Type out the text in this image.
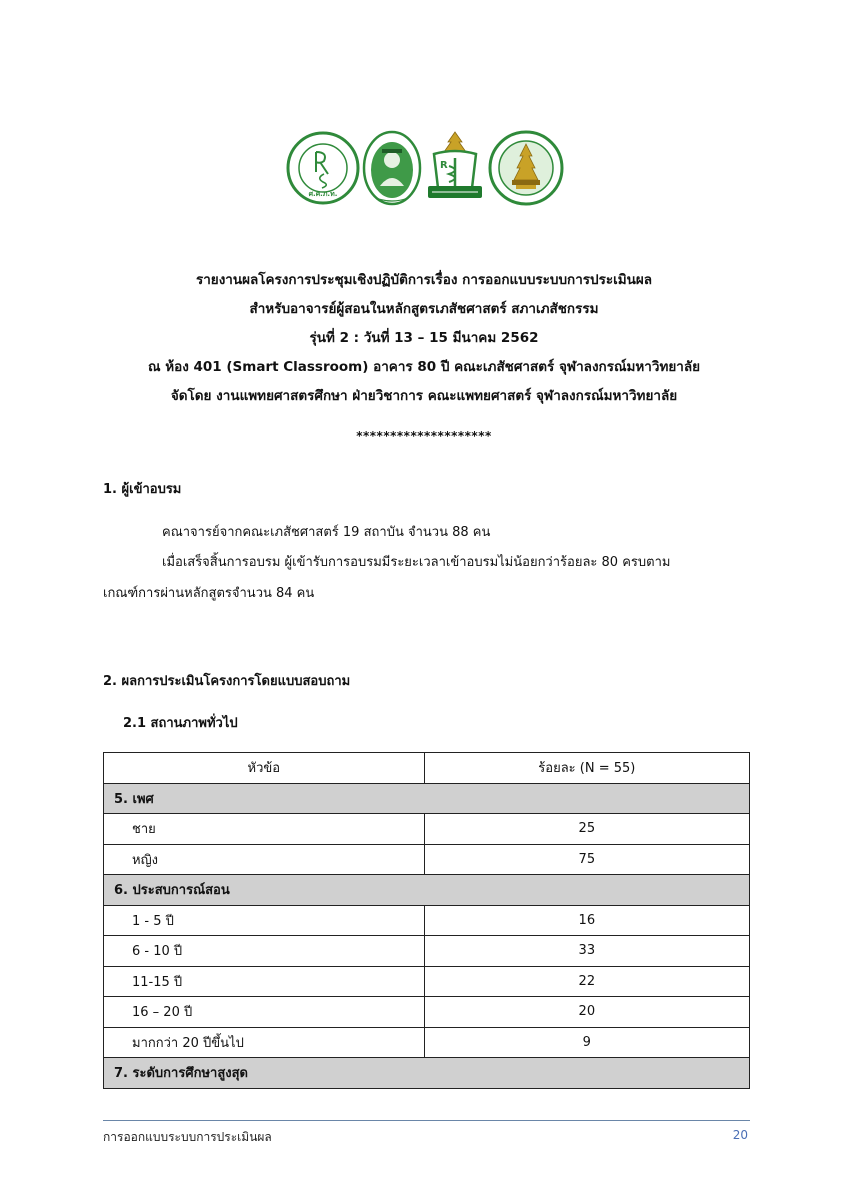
ศ.ศ.ภ.ท.
R
รายงานผลโครงการประชุมเชิงปฏิบัติการเรื่อง การออกแบบระบบการประเมินผล
สำหรับอาจารย์ผู้สอนในหลักสูตรเภสัชศาสตร์ สภาเภสัชกรรม
รุ่นที่ 2 : วันที่ 13 – 15 มีนาคม 2562
ณ ห้อง 401 (Smart Classroom) อาคาร 80 ปี คณะเภสัชศาสตร์ จุฬาลงกรณ์มหาวิทยาลัย
จัดโดย งานแพทยศาสตรศึกษา ฝ่ายวิชาการ คณะแพทยศาสตร์ จุฬาลงกรณ์มหาวิทยาลัย
********************
1. ผู้เข้าอบรม
คณาจารย์จากคณะเภสัชศาสตร์ 19 สถาบัน จำนวน 88 คน
เมื่อเสร็จสิ้นการอบรม ผู้เข้ารับการอบรมมีระยะเวลาเข้าอบรมไม่น้อยกว่าร้อยละ 80 ครบตาม
เกณฑ์การผ่านหลักสูตรจำนวน 84 คน
2. ผลการประเมินโครงการโดยแบบสอบถาม
2.1 สถานภาพทั่วไป
หัวข้อ	ร้อยละ (N = 55)
5. เพศ	
ชาย	25
หญิง	75
6. ประสบการณ์สอน	
1 - 5 ปี	16
6 - 10 ปี	33
11-15 ปี	22
16 – 20 ปี	20
มากกว่า 20 ปีขึ้นไป	9
7. ระดับการศึกษาสูงสุด	
การออกแบบระบบการประเมินผล	20
